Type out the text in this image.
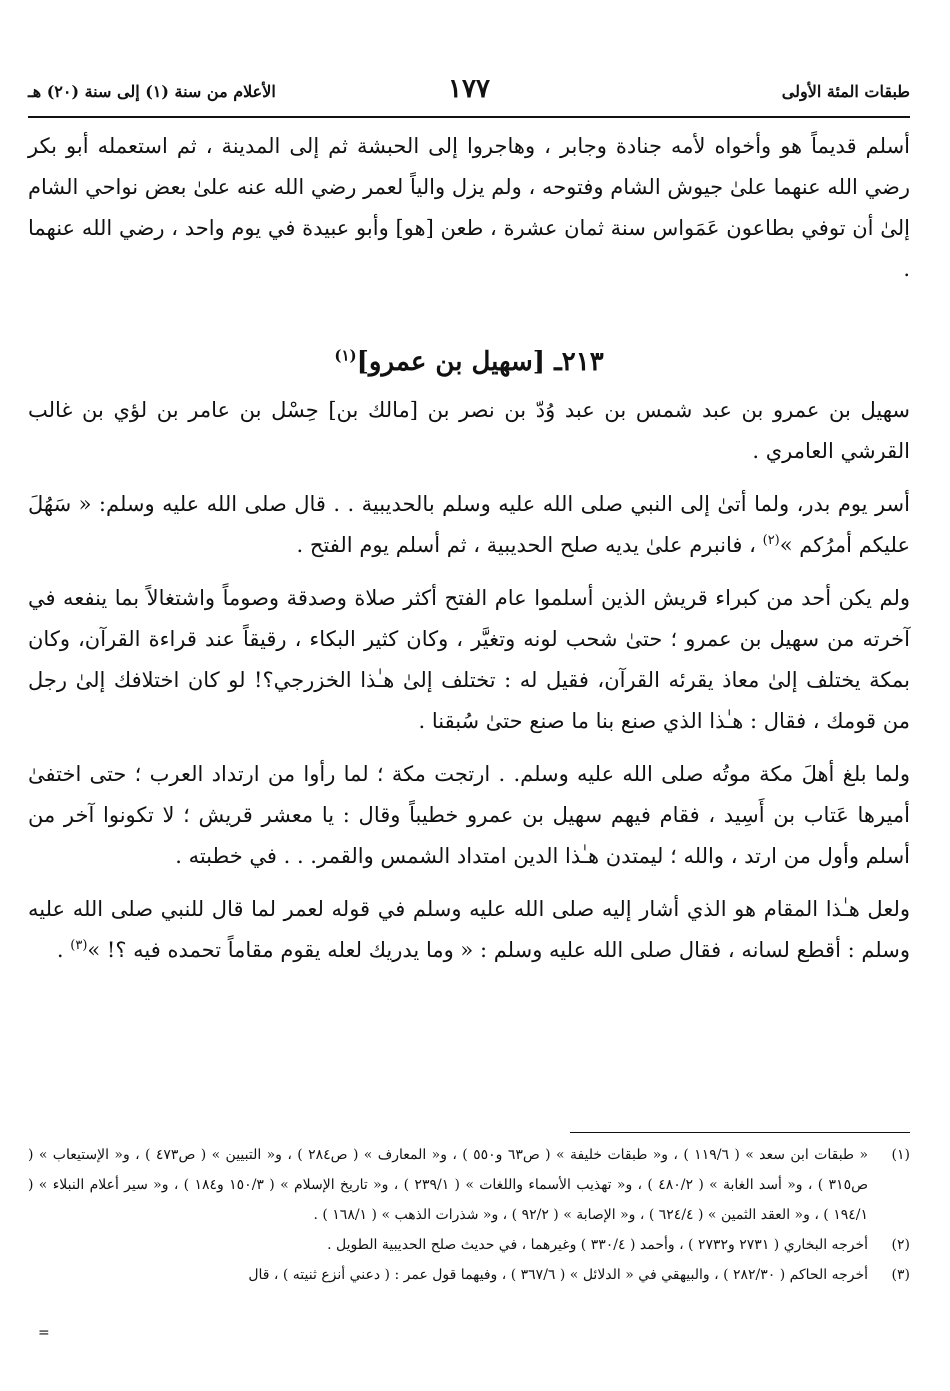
طبقات المئة الأولى
١٧٧
الأعلام من سنة (١) إلى سنة (٢٠) هـ

أسلم قديماً هو وأخواه لأمه جنادة وجابر ، وهاجروا إلى الحبشة ثم إلى المدينة ، ثم استعمله أبو بكر رضي الله عنهما علىٰ جيوش الشام وفتوحه ، ولم يزل والياً لعمر رضي الله عنه علىٰ بعض نواحي الشام إلىٰ أن توفي بطاعون عَمَواس سنة ثمان عشرة ، طعن [هو] وأبو عبيدة في يوم واحد ، رضي الله عنهما .

٢١٣ـ [سهيل بن عمرو]$^{(١)}$

سهيل بن عمرو بن عبد شمس بن عبد وُدّ بن نصر بن [مالك بن] حِسْل بن عامر بن لؤي بن غالب القرشي العامري .

أسر يوم بدر، ولما أتىٰ إلى النبي صلى الله عليه وسلم بالحديبية . . قال صلى الله عليه وسلم: « سَهُلَ عليكم أمرُكم »$^{(٢)}$ ، فانبرم علىٰ يديه صلح الحديبية ، ثم أسلم يوم الفتح .

ولم يكن أحد من كبراء قريش الذين أسلموا عام الفتح أكثر صلاة وصدقة وصوماً واشتغالاً بما ينفعه في آخرته من سهيل بن عمرو ؛ حتىٰ شحب لونه وتغيَّر ، وكان كثير البكاء ، رقيقاً عند قراءة القرآن، وكان بمكة يختلف إلىٰ معاذ يقرئه القرآن، فقيل له : تختلف إلىٰ هـٰذا الخزرجي؟! لو كان اختلافك إلىٰ رجل من قومك ، فقال : هـٰذا الذي صنع بنا ما صنع حتىٰ سُبقنا .

ولما بلغ أهلَ مكة موتُه صلى الله عليه وسلم. . ارتجت مكة ؛ لما رأوا من ارتداد العرب ؛ حتى اختفىٰ أميرها عَتاب بن أَسِيد ، فقام فيهم سهيل بن عمرو خطيباً وقال : يا معشر قريش ؛ لا تكونوا آخر من أسلم وأول من ارتد ، والله ؛ ليمتدن هـٰذا الدين امتداد الشمس والقمر. . . في خطبته .

ولعل هـٰذا المقام هو الذي أشار إليه صلى الله عليه وسلم في قوله لعمر لما قال للنبي صلى الله عليه وسلم : أقطع لسانه ، فقال صلى الله عليه وسلم : « وما يدريك لعله يقوم مقاماً تحمده فيه ؟! »$^{(٣)}$ .

(١)
« طبقات ابن سعد » ( ١١٩/٦ ) ، و« طبقات خليفة » ( ص٦٣ و٥٥٠ ) ، و« المعارف » ( ص٢٨٤ ) ، و« التبيين » ( ص٤٧٣ ) ، و« الإستيعاب » ( ص٣١٥ ) ، و« أسد الغابة » ( ٤٨٠/٢ ) ، و« تهذيب الأسماء واللغات » ( ٢٣٩/١ ) ، و« تاريخ الإسلام » ( ١٥٠/٣ و١٨٤ ) ، و« سير أعلام النبلاء » ( ١٩٤/١ ) ، و« العقد الثمين » ( ٦٢٤/٤ ) ، و« الإصابة » ( ٩٢/٢ ) ، و« شذرات الذهب » ( ١٦٨/١ ) .

(٢)
أخرجه البخاري ( ٢٧٣١ و٢٧٣٢ ) ، وأحمد ( ٣٣٠/٤ ) وغيرهما ، في حديث صلح الحديبية الطويل .

(٣)
أخرجه الحاكم ( ٢٨٢/٣٠ ) ، والبيهقي في « الدلائل » ( ٣٦٧/٦ ) ، وفيهما قول عمر : ( دعني أنزع ثنيته ) ، قال

=
